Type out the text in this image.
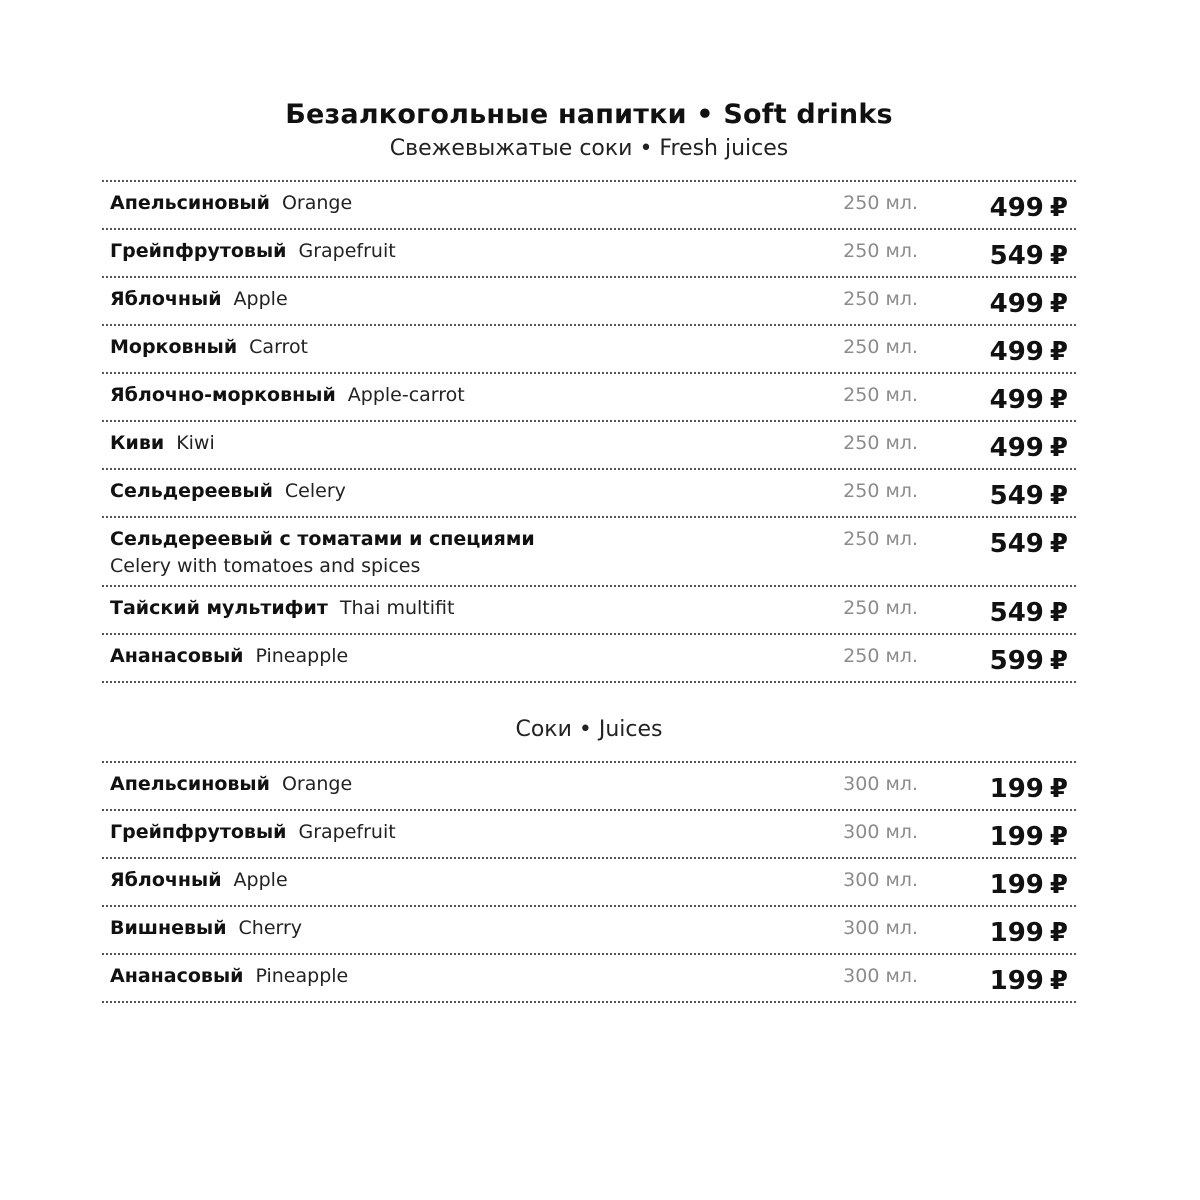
Безалкогольные напитки • Soft drinks

Свежевыжатые соки • Fresh juices

Апельсиновый Orange	250 мл.	499 ₽
Грейпфрутовый Grapefruit	250 мл.	549 ₽
Яблочный Apple	250 мл.	499 ₽
Морковный Carrot	250 мл.	499 ₽
Яблочно-морковный Apple-carrot	250 мл.	499 ₽
Киви Kiwi	250 мл.	499 ₽
Сельдереевый Celery	250 мл.	549 ₽
Сельдереевый с томатами и специями
Celery with tomatoes and spices
250 мл.	549 ₽
Тайский мультифит Thai multifit	250 мл.	549 ₽
Ананасовый Pineapple	250 мл.	599 ₽

Соки • Juices

Апельсиновый Orange	300 мл.	199 ₽
Грейпфрутовый Grapefruit	300 мл.	199 ₽
Яблочный Apple	300 мл.	199 ₽
Вишневый Cherry	300 мл.	199 ₽
Ананасовый Pineapple	300 мл.	199 ₽
